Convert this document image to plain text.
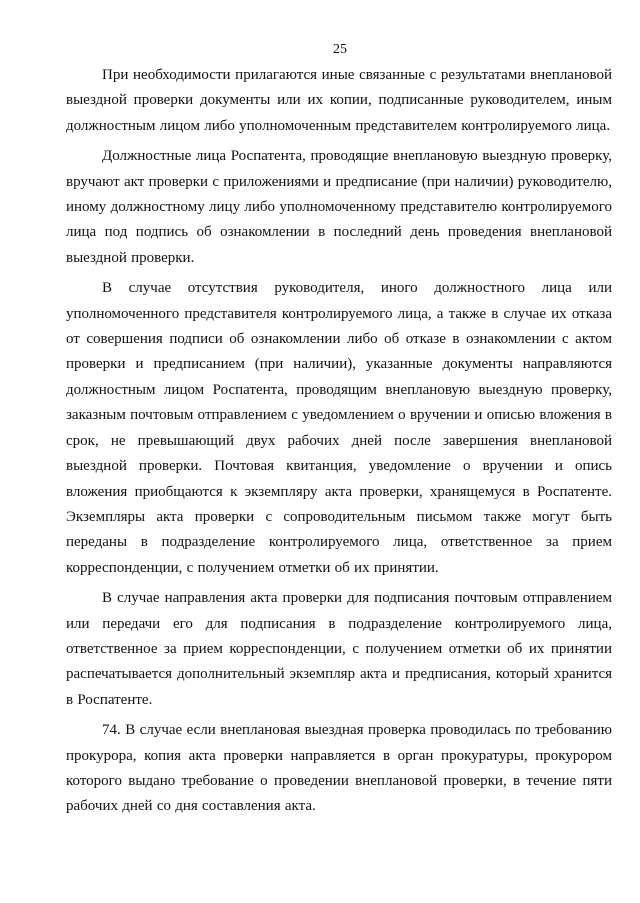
25

При необходимости прилагаются иные связанные с результатами внеплановой выездной проверки документы или их копии, подписанные руководителем, иным должностным лицом либо уполномоченным представителем контролируемого лица.

Должностные лица Роспатента, проводящие внеплановую выездную проверку, вручают акт проверки с приложениями и предписание (при наличии) руководителю, иному должностному лицу либо уполномоченному представителю контролируемого лица под подпись об ознакомлении в последний день проведения внеплановой выездной проверки.

В случае отсутствия руководителя, иного должностного лица или уполномоченного представителя контролируемого лица, а также в случае их отказа от совершения подписи об ознакомлении либо об отказе в ознакомлении с актом проверки и предписанием (при наличии), указанные документы направляются должностным лицом Роспатента, проводящим внеплановую выездную проверку, заказным почтовым отправлением с уведомлением о вручении и описью вложения в срок, не превышающий двух рабочих дней после завершения внеплановой выездной проверки. Почтовая квитанция, уведомление о вручении и опись вложения приобщаются к экземпляру акта проверки, хранящемуся в Роспатенте. Экземпляры акта проверки с сопроводительным письмом также могут быть переданы в подразделение контролируемого лица, ответственное за прием корреспонденции, с получением отметки об их принятии.

В случае направления акта проверки для подписания почтовым отправлением или передачи его для подписания в подразделение контролируемого лица, ответственное за прием корреспонденции, с получением отметки об их принятии распечатывается дополнительный экземпляр акта и предписания, который хранится в Роспатенте.

74. В случае если внеплановая выездная проверка проводилась по требованию прокурора, копия акта проверки направляется в орган прокуратуры, прокурором которого выдано требование о проведении внеплановой проверки, в течение пяти рабочих дней со дня составления акта.
